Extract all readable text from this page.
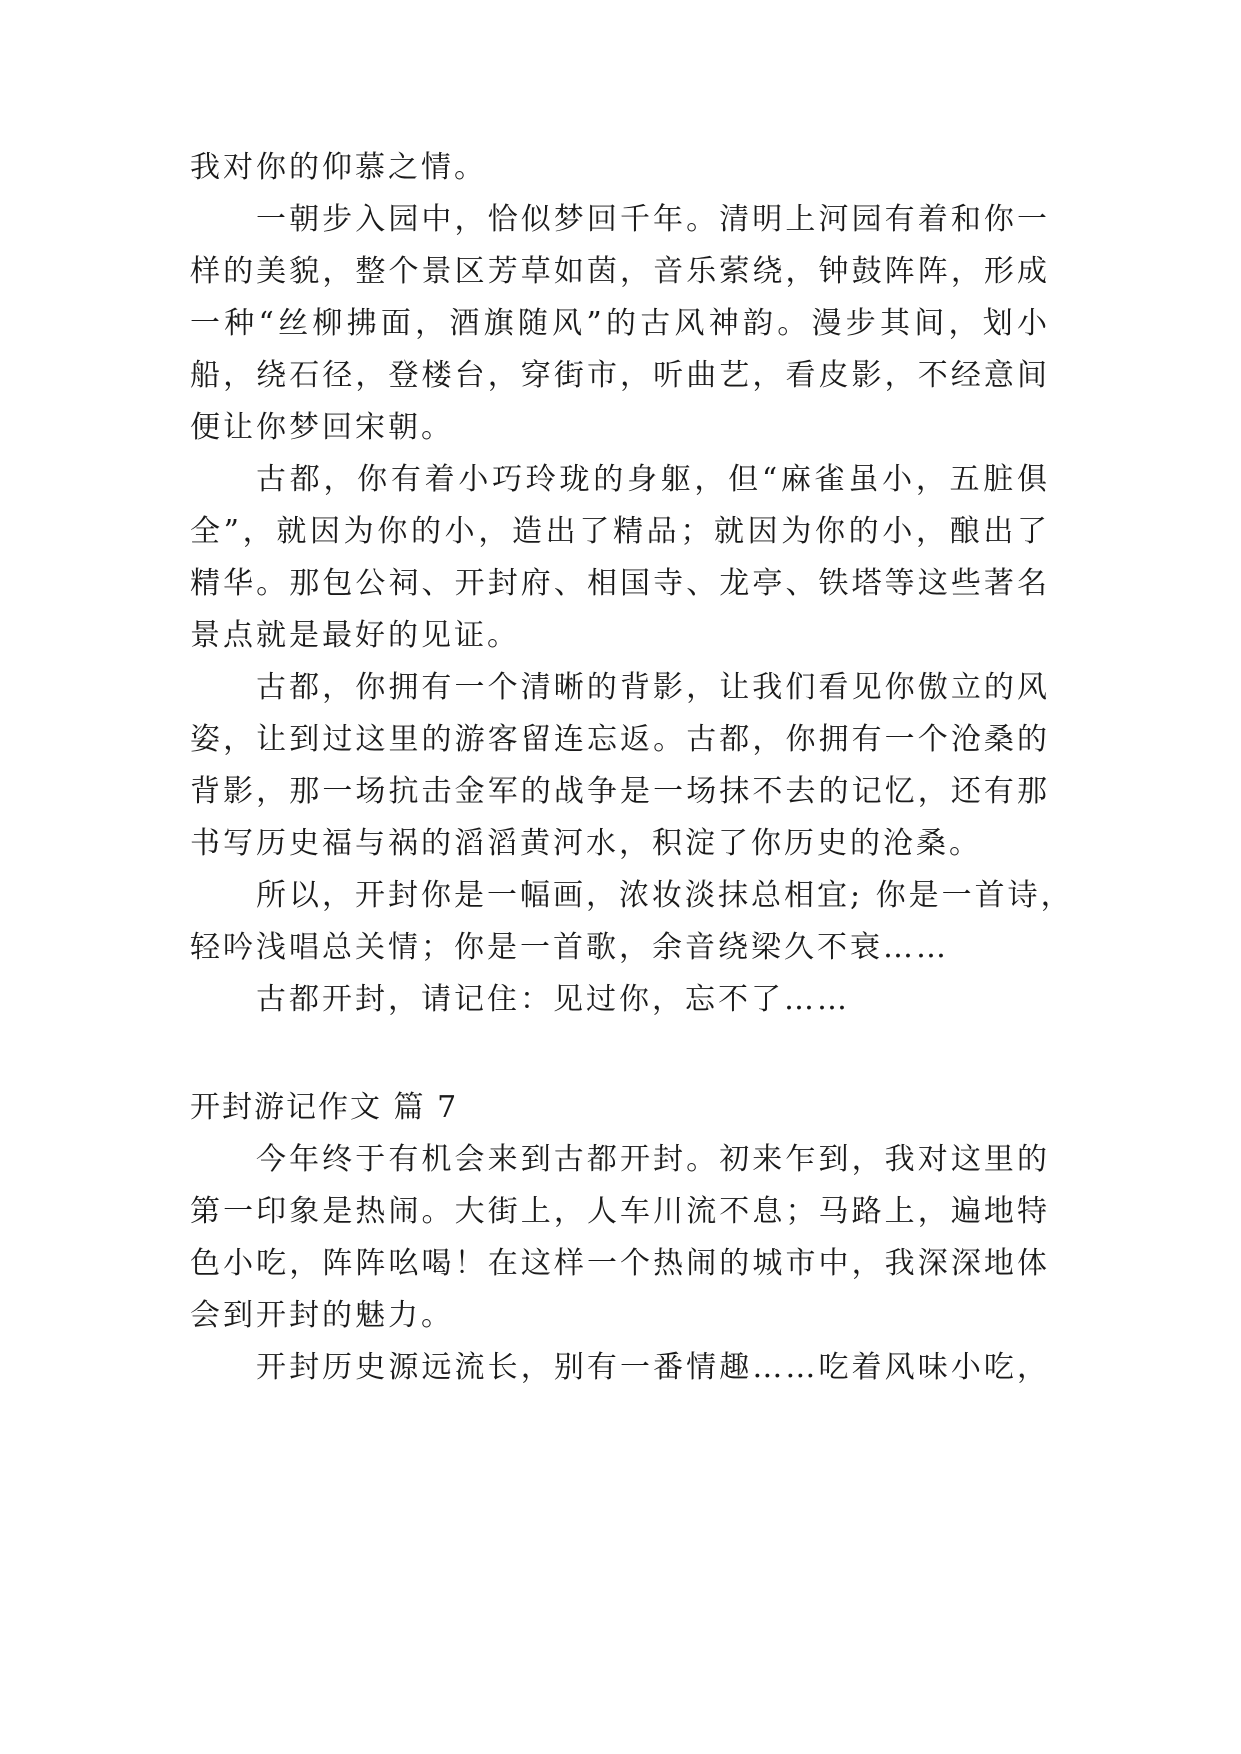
我对你的仰慕之情。
一朝步入园中，恰似梦回千年。清明上河园有着和你一
样的美貌，整个景区芳草如茵，音乐萦绕，钟鼓阵阵，形成
一种“丝柳拂面，酒旗随风”的古风神韵。漫步其间，划小
船，绕石径，登楼台，穿街市，听曲艺，看皮影，不经意间
便让你梦回宋朝。
古都，你有着小巧玲珑的身躯，但“麻雀虽小，五脏俱
全”，就因为你的小，造出了精品；就因为你的小，酿出了
精华。那包公祠、开封府、相国寺、龙亭、铁塔等这些著名
景点就是最好的见证。
古都，你拥有一个清晰的背影，让我们看见你傲立的风
姿，让到过这里的游客留连忘返。古都，你拥有一个沧桑的
背影，那一场抗击金军的战争是一场抹不去的记忆，还有那
书写历史福与祸的滔滔黄河水，积淀了你历史的沧桑。
所以，开封你是一幅画，浓妆淡抹总相宜; 你是一首诗，
轻吟浅唱总关情；你是一首歌，余音绕梁久不衰……
古都开封，请记住：见过你，忘不了……
开封游记作文 篇 7
今年终于有机会来到古都开封。初来乍到，我对这里的
第一印象是热闹。大街上，人车川流不息；马路上，遍地特
色小吃，阵阵吆喝！在这样一个热闹的城市中，我深深地体
会到开封的魅力。
开封历史源远流长，别有一番情趣……吃着风味小吃，
